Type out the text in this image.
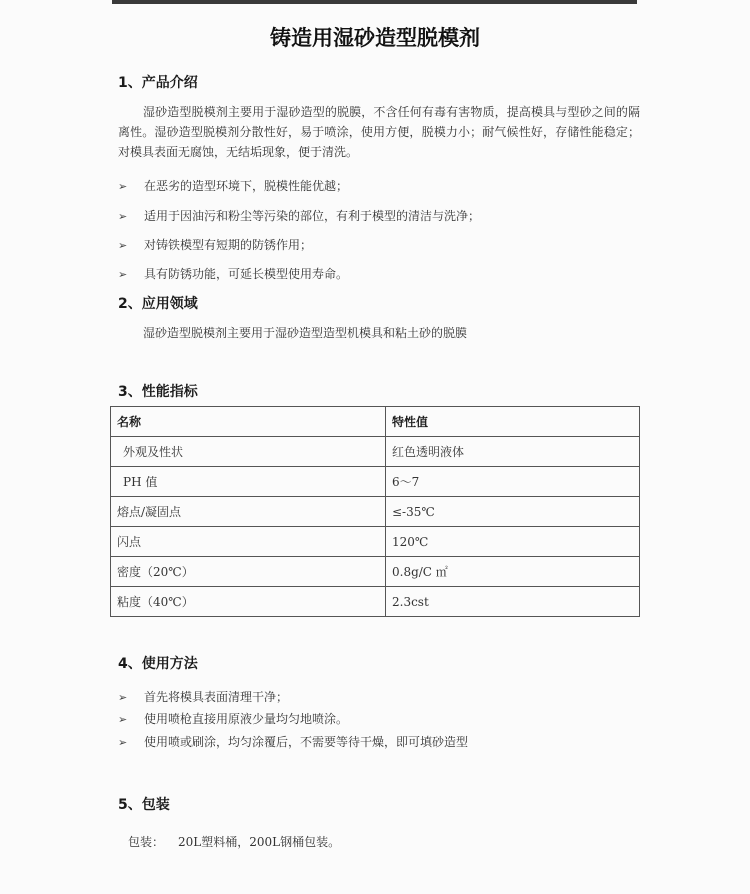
铸造用湿砂造型脱模剂
1、产品介绍
湿砂造型脱模剂主要用于湿砂造型的脱膜，不含任何有毒有害物质，提高模具与型砂之间的隔离性。湿砂造型脱模剂分散性好，易于喷涂，使用方便，脱模力小；耐气候性好，存储性能稳定；对模具表面无腐蚀，无结垢现象，便于清洗。
➢ 在恶劣的造型环境下，脱模性能优越；
➢ 适用于因油污和粉尘等污染的部位，有利于模型的清洁与洗净；
➢ 对铸铁模型有短期的防锈作用；
➢ 具有防锈功能，可延长模型使用寿命。
2、应用领域
湿砂造型脱模剂主要用于湿砂造型造型机模具和粘土砂的脱膜
3、性能指标
名称	特性值
外观及性状	红色透明液体
PH 值	6～7
熔点/凝固点	≤-35℃
闪点	120℃
密度（20℃）	0.8g/C ㎡
粘度（40℃）	2.3cst
4、使用方法
➢ 首先将模具表面清理干净；
➢ 使用喷枪直接用原液少量均匀地喷涂。
➢ 使用喷或刷涂，均匀涂覆后，不需要等待干燥，即可填砂造型
5、包装
包装： 20L塑料桶，200L钢桶包装。
